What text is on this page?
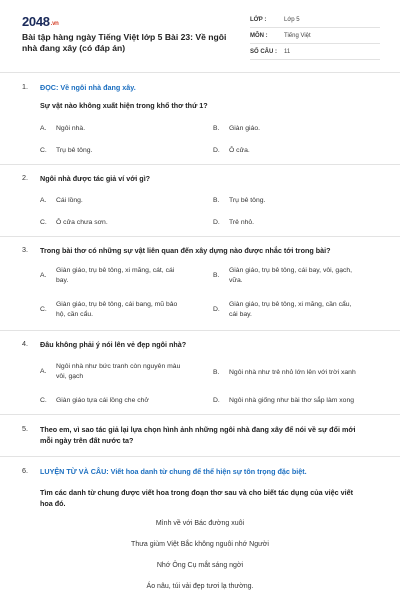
2048.vn
Bài tập hàng ngày Tiếng Việt lớp 5 Bài 23: Về ngôi nhà đang xây (có đáp án)
LỚP :	Lớp 5
MÔN :	Tiếng Việt
SỐ CÂU :	11
1. ĐỌC: Về ngôi nhà đang xây.
Sự vật nào không xuất hiện trong khổ thơ thứ 1?
A. Ngôi nhà.	B. Giàn giáo.
C. Trụ bê tông.	D. Ô cửa.
2. Ngôi nhà được tác giả ví với gì?
A. Cái lồng.	B. Trụ bê tông.
C. Ô cửa chưa sơn.	D. Trẻ nhỏ.
3. Trong bài thơ có những sự vật liên quan đến xây dựng nào được nhắc tới trong bài?
A.
Giàn giáo, trụ bê tông, xi măng, cát, cái
bay.
B.
Giàn giáo, trụ bê tông, cái bay, vôi, gạch,
vữa.
C.
Giàn giáo, trụ bê tông, cái bang, mũ bảo
hộ, cần cẩu.
D.
Giàn giáo, trụ bê tông, xi măng, cần cẩu,
cái bay.
4. Đâu không phải ý nói lên vẻ đẹp ngôi nhà?
A.
Ngôi nhà như bức tranh còn nguyên màu
vôi, gạch
B. Ngôi nhà như trẻ nhỏ lớn lên với trời xanh
C. Giàn giáo tựa cái lồng che chở	D. Ngôi nhà giống như bài thơ sắp làm xong
5. Theo em, vì sao tác giả lại lựa chọn hình ảnh những ngôi nhà đang xây để nói về sự đổi mới
mỗi ngày trên đất nước ta?
6. LUYỆN TỪ VÀ CÂU: Viết hoa danh từ chung để thể hiện sự tôn trọng đặc biệt.
Tìm các danh từ chung được viết hoa trong đoạn thơ sau và cho biết tác dụng của việc viết
hoa đó.
Mình về với Bác đường xuôi
Thưa giùm Việt Bắc không nguôi nhớ Người
Nhớ Ông Cụ mắt sáng ngời
Áo nâu, túi vải đẹp tươi lạ thường.
